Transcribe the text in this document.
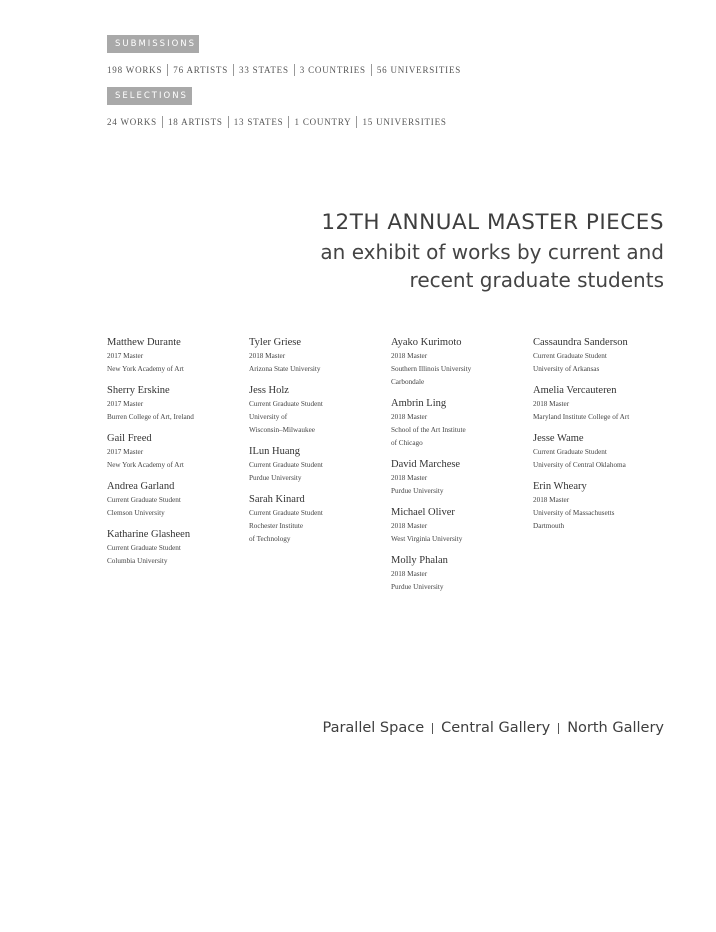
SUBMISSIONS
198 WORKS	76 ARTISTS	33 STATES	3 COUNTRIES	56 UNIVERSITIES
SELECTIONS
24 WORKS	18 ARTISTS	13 STATES	1 COUNTRY	15 UNIVERSITIES
12TH ANNUAL MASTER PIECES
an exhibit of works by current and
recent graduate students
Matthew Durante
2017 Master
New York Academy of Art
Sherry Erskine
2017 Master
Burren College of Art, Ireland
Gail Freed
2017 Master
New York Academy of Art
Andrea Garland
Current Graduate Student
Clemson University
Katharine Glasheen
Current Graduate Student
Columbia University
Tyler Griese
2018 Master
Arizona State University
Jess Holz
Current Graduate Student
University of
Wisconsin–Milwaukee
ILun Huang
Current Graduate Student
Purdue University
Sarah Kinard
Current Graduate Student
Rochester Institute
of Technology
Ayako Kurimoto
2018 Master
Southern Illinois University
Carbondale
Ambrin Ling
2018 Master
School of the Art Institute
of Chicago
David Marchese
2018 Master
Purdue University
Michael Oliver
2018 Master
West Virginia University
Molly Phalan
2018 Master
Purdue University
Cassaundra Sanderson
Current Graduate Student
University of Arkansas
Amelia Vercauteren
2018 Master
Maryland Institute College of Art
Jesse Wame
Current Graduate Student
University of Central Oklahoma
Erin Wheary
2018 Master
University of Massachusetts
Dartmouth
Parallel Space Central Gallery North Gallery
